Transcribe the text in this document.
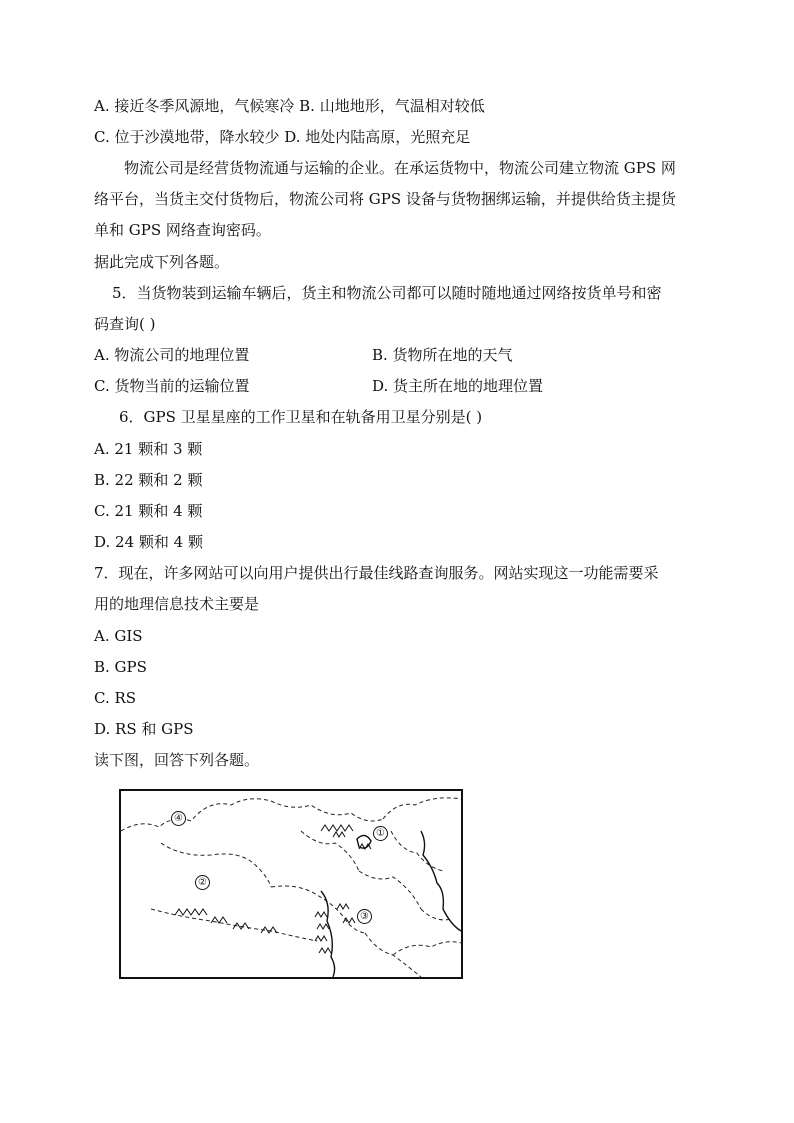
A. 接近冬季风源地，气候寒冷 B. 山地地形，气温相对较低
C. 位于沙漠地带，降水较少 D. 地处内陆高原，光照充足
物流公司是经营货物流通与运输的企业。在承运货物中，物流公司建立物流 GPS 网
络平台，当货主交付货物后，物流公司将 GPS 设备与货物捆绑运输，并提供给货主提货
单和 GPS 网络查询密码。
据此完成下列各题。
5．当货物装到运输车辆后，货主和物流公司都可以随时随地通过网络按货单号和密
码查询( )
A. 物流公司的地理位置	B. 货物所在地的天气
C. 货物当前的运输位置	D. 货主所在地的地理位置
6．GPS 卫星星座的工作卫星和在轨备用卫星分别是( )
A. 21 颗和 3 颗
B. 22 颗和 2 颗
C. 21 颗和 4 颗
D. 24 颗和 4 颗
7．现在，许多网站可以向用户提供出行最佳线路查询服务。网站实现这一功能需要采
用的地理信息技术主要是
A. GIS
B. GPS
C. RS
D. RS 和 GPS
读下图，回答下列各题。
①
②
③
④
